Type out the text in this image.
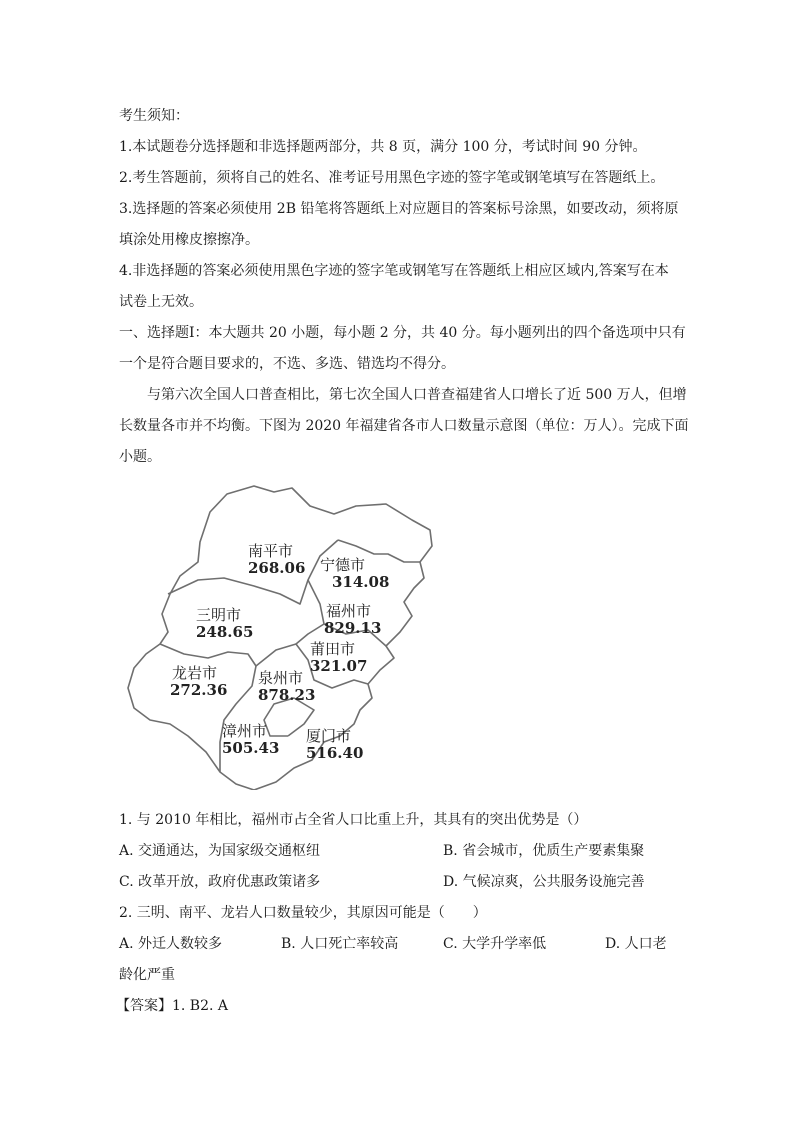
考生须知：
1.本试题卷分选择题和非选择题两部分，共 8 页，满分 100 分，考试时间 90 分钟。
2.考生答题前，须将自己的姓名、准考证号用黑色字迹的签字笔或钢笔填写在答题纸上。
3.选择题的答案必须使用 2B 铅笔将答题纸上对应题目的答案标号涂黑，如要改动，须将原
填涂处用橡皮擦擦净。
4.非选择题的答案必须使用黑色字迹的签字笔或钢笔写在答题纸上相应区域内,答案写在本
试卷上无效。
一、选择题Ⅰ：本大题共 20 小题，每小题 2 分，共 40 分。每小题列出的四个备选项中只有
一个是符合题目要求的，不选、多选、错选均不得分。
与第六次全国人口普查相比，第七次全国人口普查福建省人口增长了近 500 万人，但增
长数量各市并不均衡。下图为 2020 年福建省各市人口数量示意图（单位：万人）。完成下面
小题。
南平市
268.06 宁德市
314.08
三明市
248.65
福州市
829.13
莆田市
321.07
龙岩市
272.36
泉州市
878.23
漳州市
505.43
厦门市
516.40
1. 与 2010 年相比，福州市占全省人口比重上升，其具有的突出优势是（）
A. 交通通达，为国家级交通枢纽	B. 省会城市，优质生产要素集聚
C. 改革开放，政府优惠政策诸多	D. 气候凉爽，公共服务设施完善
2. 三明、南平、龙岩人口数量较少，其原因可能是（　　）
A. 外迁人数较多	B. 人口死亡率较高	C. 大学升学率低	D. 人口老
龄化严重
【答案】1. B2. A
